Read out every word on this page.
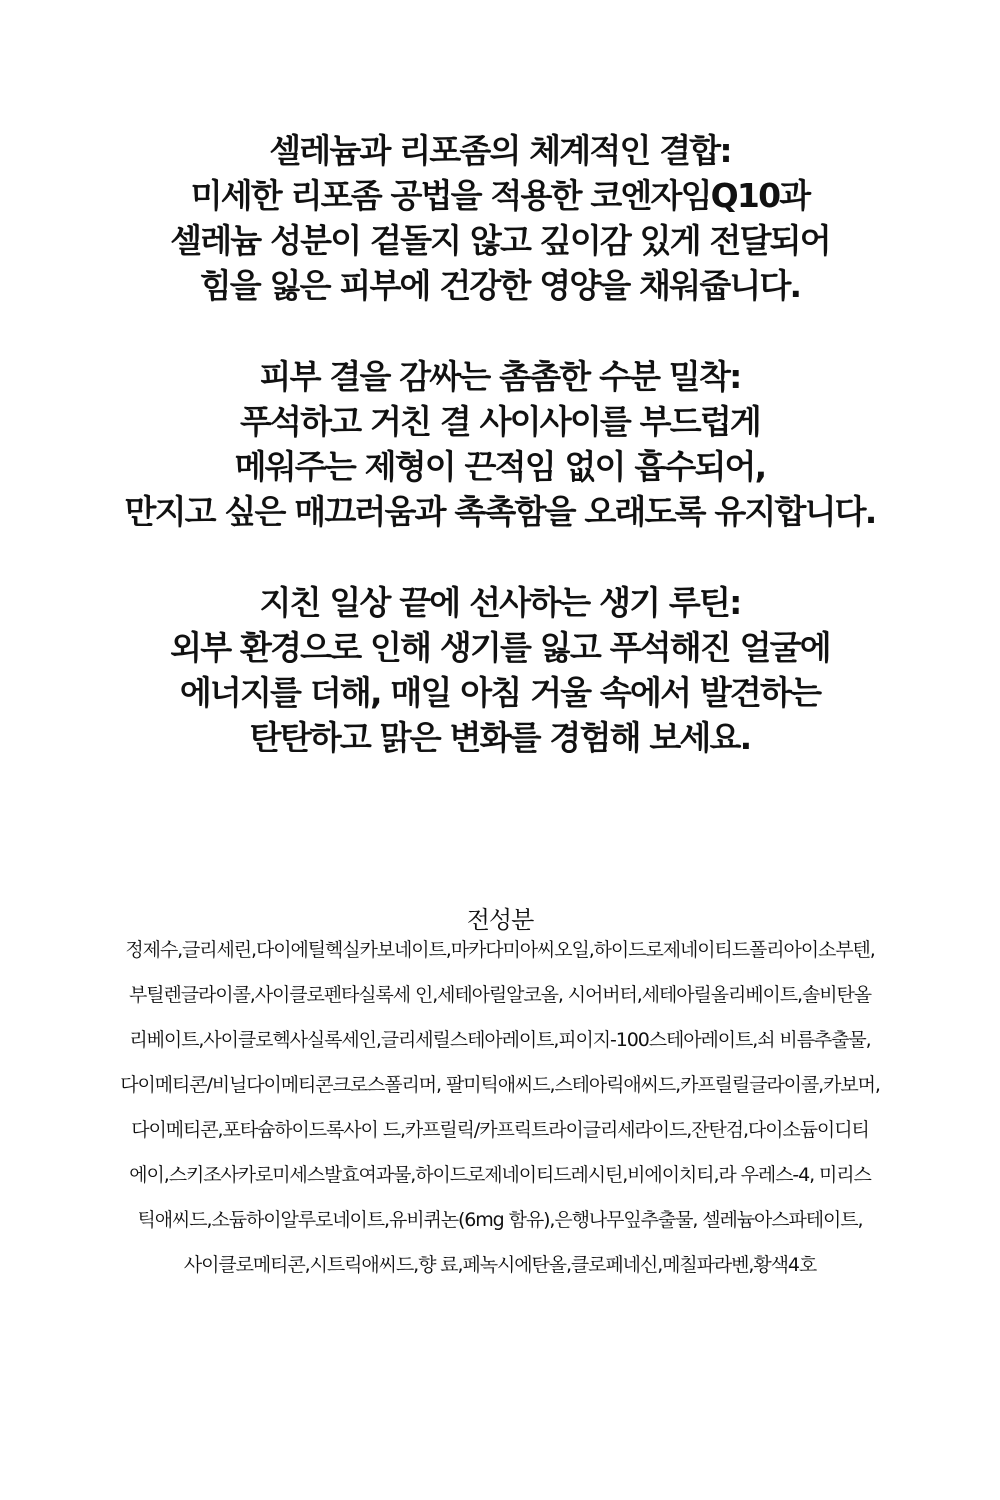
셀레늄과 리포좀의 체계적인 결합:
미세한 리포좀 공법을 적용한 코엔자임Q10과
셀레늄 성분이 겉돌지 않고 깊이감 있게 전달되어
힘을 잃은 피부에 건강한 영양을 채워줍니다.
피부 결을 감싸는 촘촘한 수분 밀착:
푸석하고 거친 결 사이사이를 부드럽게
메워주는 제형이 끈적임 없이 흡수되어,
만지고 싶은 매끄러움과 촉촉함을 오래도록 유지합니다.
지친 일상 끝에 선사하는 생기 루틴:
외부 환경으로 인해 생기를 잃고 푸석해진 얼굴에
에너지를 더해, 매일 아침 거울 속에서 발견하는
탄탄하고 맑은 변화를 경험해 보세요.
전성분
정제수,글리세린,다이에틸헥실카보네이트,마카다미아씨오일,하이드로제네이티드폴리아이소부텐,
부틸렌글라이콜,사이클로펜타실록세 인,세테아릴알코올, 시어버터,세테아릴올리베이트,솔비탄올
리베이트,사이클로헥사실록세인,글리세릴스테아레이트,피이지-100스테아레이트,쇠 비름추출물,
다이메티콘/비닐다이메티콘크로스폴리머, 팔미틱애씨드,스테아릭애씨드,카프릴릴글라이콜,카보머,
다이메티콘,포타슘하이드록사이 드,카프릴릭/카프릭트라이글리세라이드,잔탄검,다이소듐이디티
에이,스키조사카로미세스발효여과물,하이드로제네이티드레시틴,비에이치티,라 우레스-4, 미리스
틱애씨드,소듐하이알루로네이트,유비퀴논(6mg 함유),은행나무잎추출물, 셀레늄아스파테이트,
사이클로메티콘,시트릭애씨드,향 료,페녹시에탄올,클로페네신,메칠파라벤,황색4호
